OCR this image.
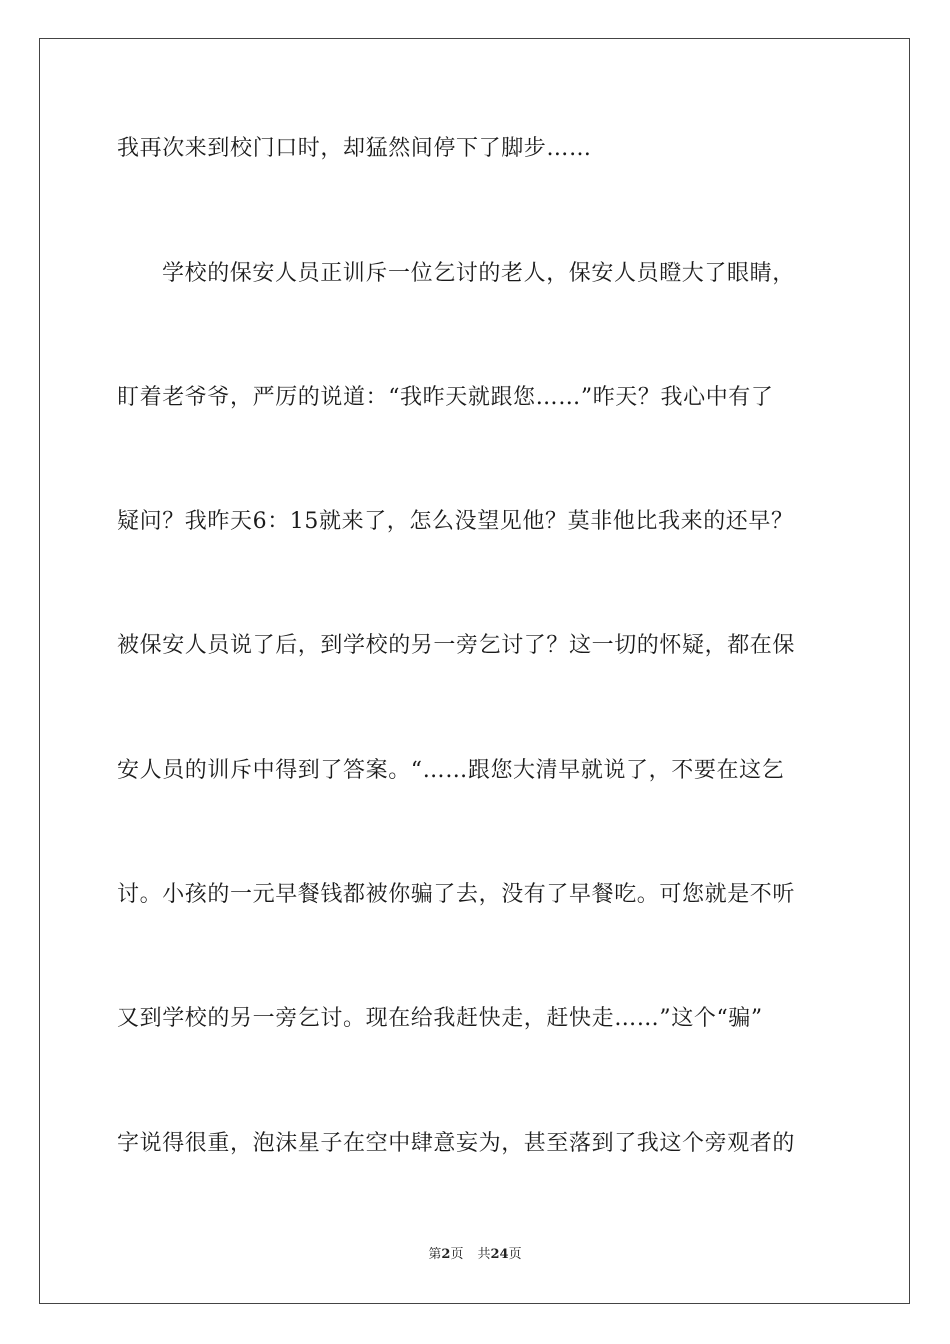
我再次来到校门口时，却猛然间停下了脚步……
学校的保安人员正训斥一位乞讨的老人，保安人员瞪大了眼睛，
盯着老爷爷，严厉的说道：“我昨天就跟您……”昨天？我心中有了
疑问？我昨天6：15就来了，怎么没望见他？莫非他比我来的还早？
被保安人员说了后，到学校的另一旁乞讨了？这一切的怀疑，都在保
安人员的训斥中得到了答案。“……跟您大清早就说了，不要在这乞
讨。小孩的一元早餐钱都被你骗了去，没有了早餐吃。可您就是不听
又到学校的另一旁乞讨。现在给我赶快走，赶快走……”这个“骗”
字说得很重，泡沫星子在空中肆意妄为，甚至落到了我这个旁观者的
第2页 共24页
